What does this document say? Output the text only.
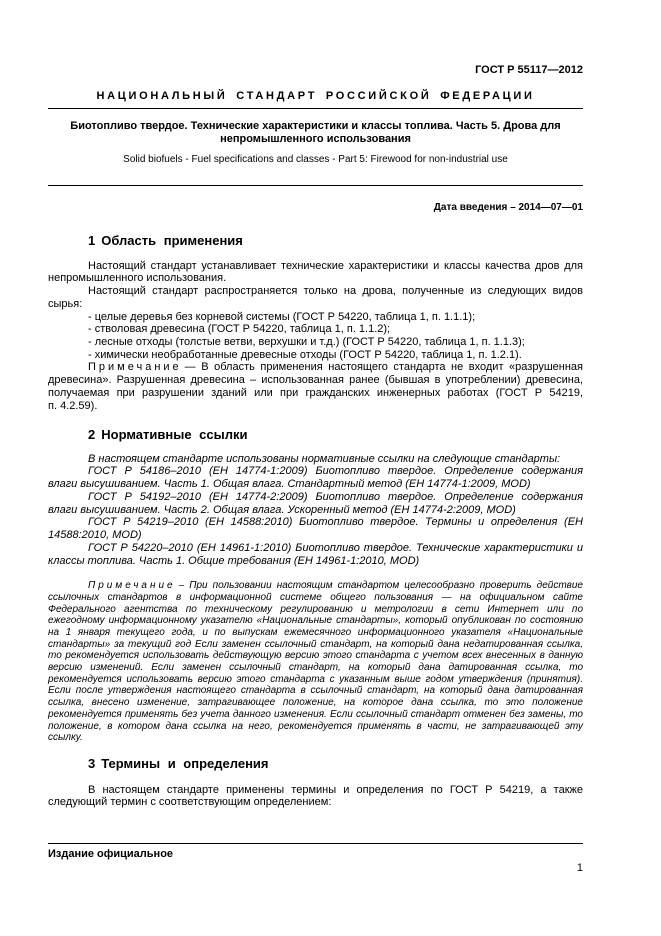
ГОСТ Р 55117—2012
НАЦИОНАЛЬНЫЙ СТАНДАРТ РОССИЙСКОЙ ФЕДЕРАЦИИ
Биотопливо твердое. Технические характеристики и классы топлива. Часть 5. Дрова для
непромышленного использования
Solid biofuels - Fuel specifications and classes - Part 5: Firewood for non-industrial use
Дата введения – 2014—07—01
1 Область применения
Настоящий стандарт устанавливает технические характеристики и классы качества дров для
непромышленного использования.
Настоящий стандарт распространяется только на дрова, полученные из следующих видов
сырья:
- целые деревья без корневой системы (ГОСТ Р 54220, таблица 1, п. 1.1.1);
- стволовая древесина (ГОСТ Р 54220, таблица 1, п. 1.1.2);
- лесные отходы (толстые ветви, верхушки и т.д.) (ГОСТ Р 54220, таблица 1, п. 1.1.3);
- химически необработанные древесные отходы (ГОСТ Р 54220, таблица 1, п. 1.2.1).
Примечание — В область применения настоящего стандарта не входит «разрушенная
древесина». Разрушенная древесина – использованная ранее (бывшая в употреблении) древесина,
получаемая при разрушении зданий или при гражданских инженерных работах (ГОСТ Р 54219,
п. 4.2.59).
2 Нормативные ссылки
В настоящем стандарте использованы нормативные ссылки на следующие стандарты:
ГОСТ Р 54186–2010 (ЕН 14774-1:2009) Биотопливо твердое. Определение содержания
влаги высушиванием. Часть 1. Общая влага. Стандартный метод (ЕН 14774-1:2009, MOD)
ГОСТ Р 54192–2010 (ЕН 14774-2:2009) Биотопливо твердое. Определение содержания
влаги высушиванием. Часть 2. Общая влага. Ускоренный метод (ЕН 14774-2:2009, MOD)
ГОСТ Р 54219–2010 (ЕН 14588:2010) Биотопливо твердое. Термины и определения (ЕН
14588:2010, MOD)
ГОСТ Р 54220–2010 (ЕН 14961-1:2010) Биотопливо твердое. Технические характеристики и
классы топлива. Часть 1. Общие требования (ЕН 14961-1:2010, MOD)
Примечание – При пользовании настоящим стандартом целесообразно проверить действие
ссылочных стандартов в информационной системе общего пользования — на официальном сайте
Федерального агентства по техническому регулированию и метрологии в сети Интернет или по
ежегодному информационному указателю «Национальные стандарты», который опубликован по состоянию
на 1 января текущего года, и по выпускам ежемесячного информационного указателя «Национальные
стандарты» за текущий год Если заменен ссылочный стандарт, на который дана недатированная ссылка,
то рекомендуется использовать действующую версию этого стандарта с учетом всех внесенных в данную
версию изменений. Если заменен ссылочный стандарт, на который дана датированная ссылка, то
рекомендуется использовать версию этого стандарта с указанным выше годом утверждения (принятия).
Если после утверждения настоящего стандарта в ссылочный стандарт, на который дана датированная
ссылка, внесено изменение, затрагивающее положение, на которое дана ссылка, то это положение
рекомендуется применять без учета данного изменения. Если ссылочный стандарт отменен без замены, то
положение, в котором дана ссылка на него, рекомендуется применять в части, не затрагивающей эту
ссылку.
3 Термины и определения
В настоящем стандарте применены термины и определения по ГОСТ Р 54219, а также
следующий термин с соответствующим определением:
Издание официальное
1
